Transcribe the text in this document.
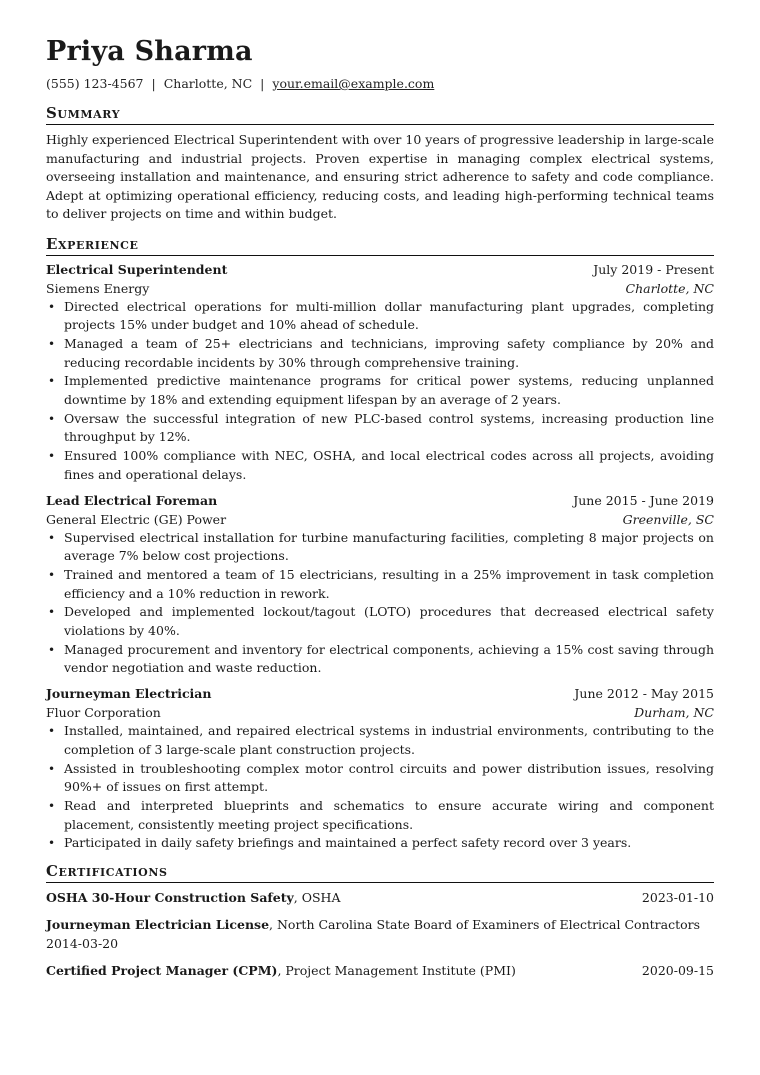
Priya Sharma
(555) 123-4567 | Charlotte, NC | your.email@example.com
Summary

Highly experienced Electrical Superintendent with over 10 years of progressive leadership in large-scale manufacturing and industrial projects. Proven expertise in managing complex electrical systems, overseeing installation and maintenance, and ensuring strict adherence to safety and code compliance. Adept at optimizing operational efficiency, reducing costs, and leading high-performing technical teams to deliver projects on time and within budget.

Experience
Electrical Superintendent	July 2019 - Present
Siemens Energy	Charlotte, NC
• Directed electrical operations for multi-million dollar manufacturing plant upgrades, completing projects 15% under budget and 10% ahead of schedule.
• Managed a team of 25+ electricians and technicians, improving safety compliance by 20% and reducing recordable incidents by 30% through comprehensive training.
• Implemented predictive maintenance programs for critical power systems, reducing unplanned downtime by 18% and extending equipment lifespan by an average of 2 years.
• Oversaw the successful integration of new PLC-based control systems, increasing production line throughput by 12%.
• Ensured 100% compliance with NEC, OSHA, and local electrical codes across all projects, avoiding fines and operational delays.
Lead Electrical Foreman	June 2015 - June 2019
General Electric (GE) Power	Greenville, SC
• Supervised electrical installation for turbine manufacturing facilities, completing 8 major projects on average 7% below cost projections.
• Trained and mentored a team of 15 electricians, resulting in a 25% improvement in task completion efficiency and a 10% reduction in rework.
• Developed and implemented lockout/tagout (LOTO) procedures that decreased electrical safety violations by 40%.
• Managed procurement and inventory for electrical components, achieving a 15% cost saving through vendor negotiation and waste reduction.
Journeyman Electrician	June 2012 - May 2015
Fluor Corporation	Durham, NC
• Installed, maintained, and repaired electrical systems in industrial environments, contributing to the completion of 3 large-scale plant construction projects.
• Assisted in troubleshooting complex motor control circuits and power distribution issues, resolving 90%+ of issues on first attempt.
• Read and interpreted blueprints and schematics to ensure accurate wiring and component placement, consistently meeting project specifications.
• Participated in daily safety briefings and maintained a perfect safety record over 3 years.
Certifications
OSHA 30-Hour Construction Safety, OSHA	2023-01-10
Journeyman Electrician License, North Carolina State Board of Examiners of Electrical Contractors
2014-03-20
Certified Project Manager (CPM), Project Management Institute (PMI)	2020-09-15
